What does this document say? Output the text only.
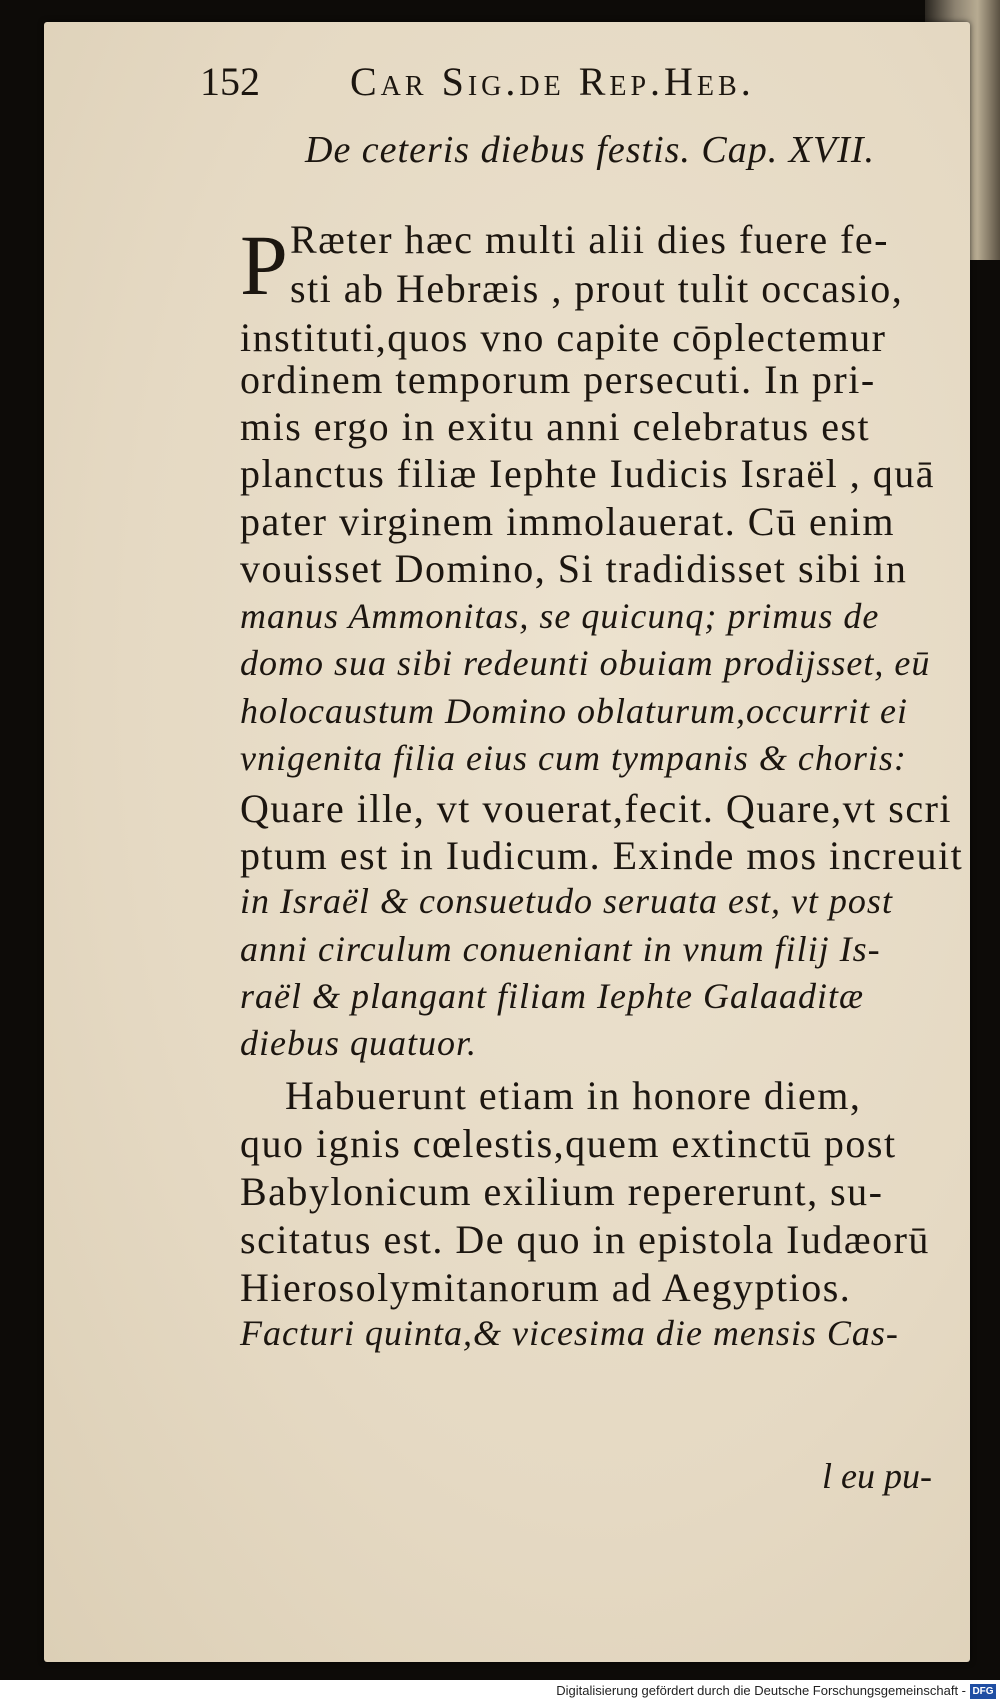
152 Car Sig.de Rep.Heb.
De ceteris diebus festis. Cap. XVII.
P Ræter hæc multi alii dies fuere fe-
sti ab Hebræis , prout tulit occasio,
instituti,quos vno capite cōplectemur
ordinem temporum persecuti. In pri-
mis ergo in exitu anni celebratus est
planctus filiæ Iephte Iudicis Israël , quā
pater virginem immolauerat. Cū enim
vouisset Domino, Si tradidisset sibi in
manus Ammonitas, se quicunq; primus de
domo sua sibi redeunti obuiam prodijsset, eū
holocaustum Domino oblaturum,occurrit ei
vnigenita filia eius cum tympanis & choris:
Quare ille, vt vouerat,fecit. Quare,vt scri
ptum est in Iudicum. Exinde mos increuit
in Israël & consuetudo seruata est, vt post
anni circulum conueniant in vnum filij Is-
raël & plangant filiam Iephte Galaaditæ
diebus quatuor.
Habuerunt etiam in honore diem,
quo ignis cœlestis,quem extinctū post
Babylonicum exilium repererunt, su-
scitatus est. De quo in epistola Iudæorū
Hierosolymitanorum ad Aegyptios.
Facturi quinta,& vicesima die mensis Cas-
l eu pu-
Digitalisierung gefördert durch die Deutsche Forschungsgemeinschaft - DFG
